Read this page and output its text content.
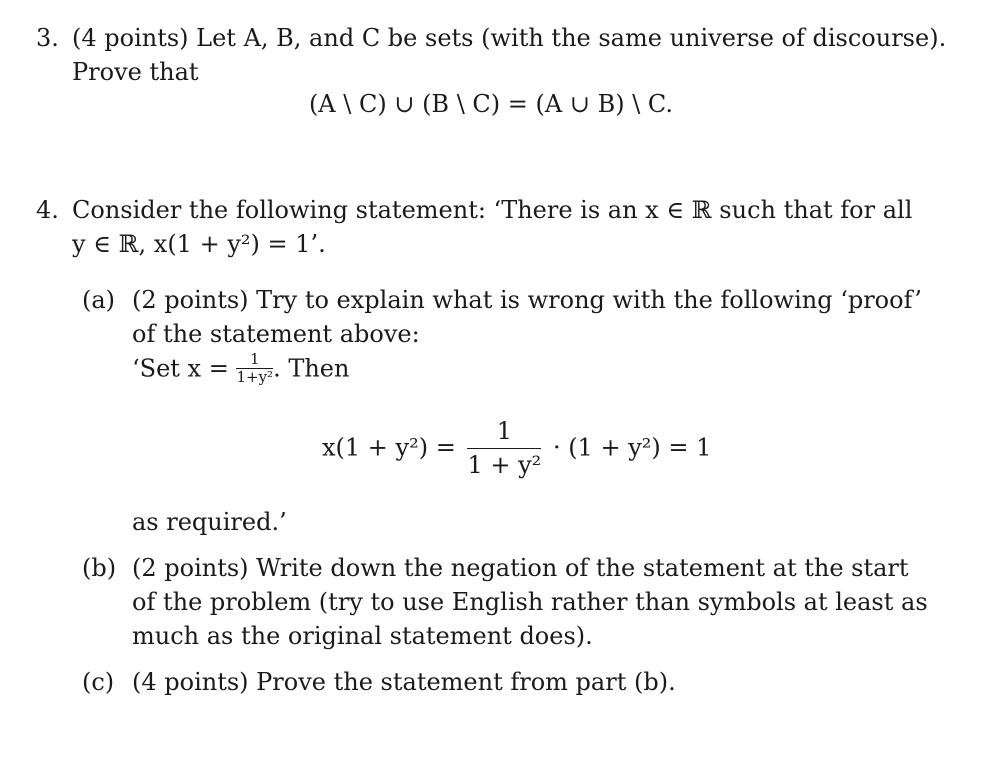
3. (4 points) Let A, B, and C be sets (with the same universe of discourse).
Prove that
(A \ C) ∪ (B \ C) = (A ∪ B) \ C.
4. Consider the following statement: ‘There is an x ∈ ℝ such that for all
y ∈ ℝ, x(1 + y²) = 1’.
(a) (2 points) Try to explain what is wrong with the following ‘proof’
of the statement above:
‘Set $x = \frac{1}{\text{1+y²}}$ . Then
$x(1 + y^2) = \frac{1}{\text{1 + y²}} \cdot (1 + y^2) = 1$
as required.’
(b) (2 points) Write down the negation of the statement at the start
of the problem (try to use English rather than symbols at least as
much as the original statement does).
(c) (4 points) Prove the statement from part (b).
